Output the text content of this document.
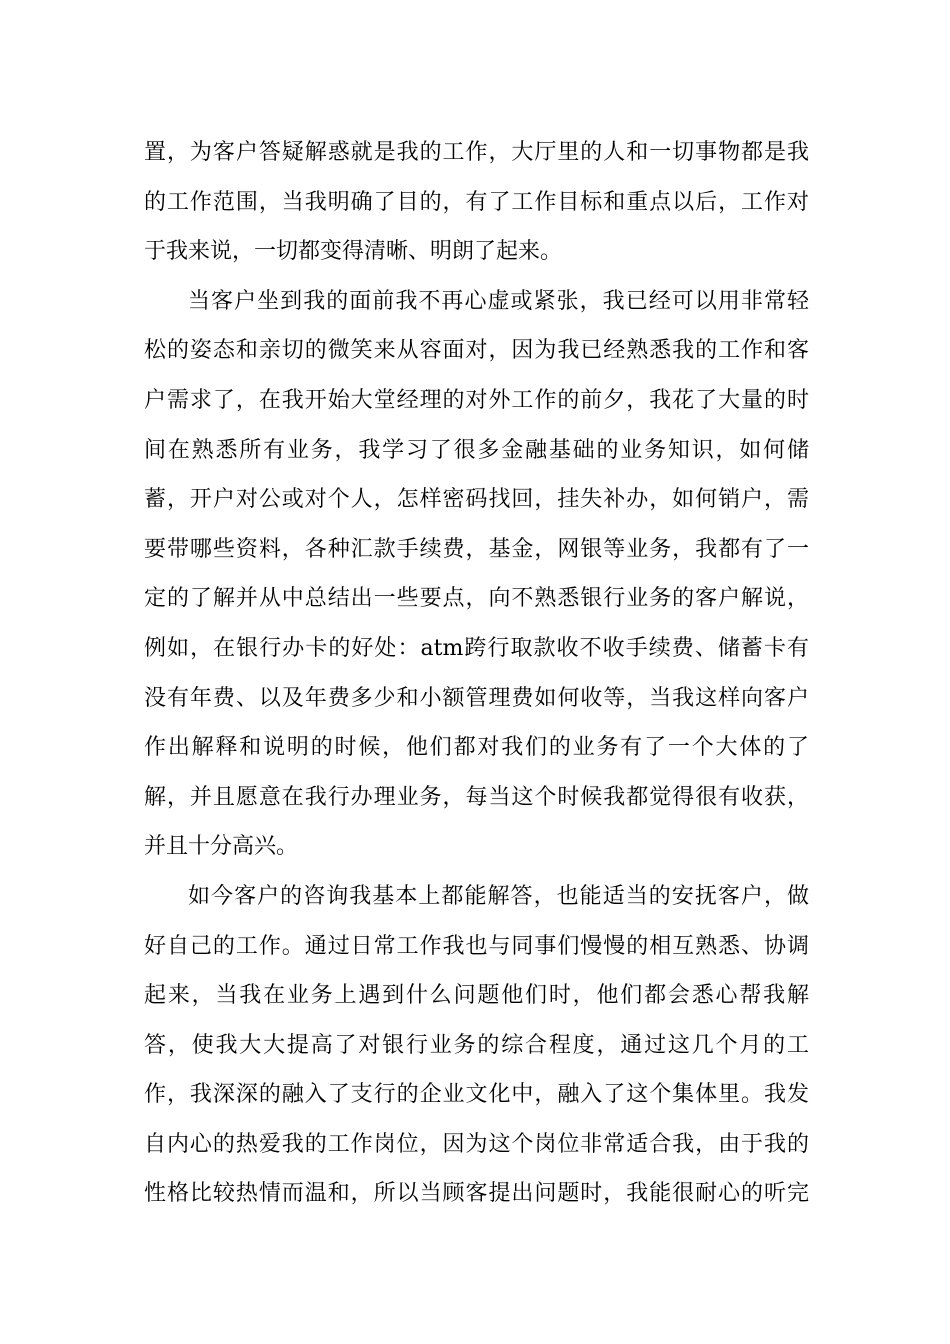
置，为客户答疑解惑就是我的工作，大厅里的人和一切事物都是我
的工作范围，当我明确了目的，有了工作目标和重点以后，工作对
于我来说，一切都变得清晰、明朗了起来。
当客户坐到我的面前我不再心虚或紧张，我已经可以用非常轻
松的姿态和亲切的微笑来从容面对，因为我已经熟悉我的工作和客
户需求了，在我开始大堂经理的对外工作的前夕，我花了大量的时
间在熟悉所有业务，我学习了很多金融基础的业务知识，如何储
蓄，开户对公或对个人，怎样密码找回，挂失补办，如何销户，需
要带哪些资料，各种汇款手续费，基金，网银等业务，我都有了一
定的了解并从中总结出一些要点，向不熟悉银行业务的客户解说，
例如，在银行办卡的好处：atm跨行取款收不收手续费、储蓄卡有
没有年费、以及年费多少和小额管理费如何收等，当我这样向客户
作出解释和说明的时候，他们都对我们的业务有了一个大体的了
解，并且愿意在我行办理业务，每当这个时候我都觉得很有收获，
并且十分高兴。
如今客户的咨询我基本上都能解答，也能适当的安抚客户，做
好自己的工作。通过日常工作我也与同事们慢慢的相互熟悉、协调
起来，当我在业务上遇到什么问题他们时，他们都会悉心帮我解
答，使我大大提高了对银行业务的综合程度，通过这几个月的工
作，我深深的融入了支行的企业文化中，融入了这个集体里。我发
自内心的热爱我的工作岗位，因为这个岗位非常适合我，由于我的
性格比较热情而温和，所以当顾客提出问题时，我能很耐心的听完
